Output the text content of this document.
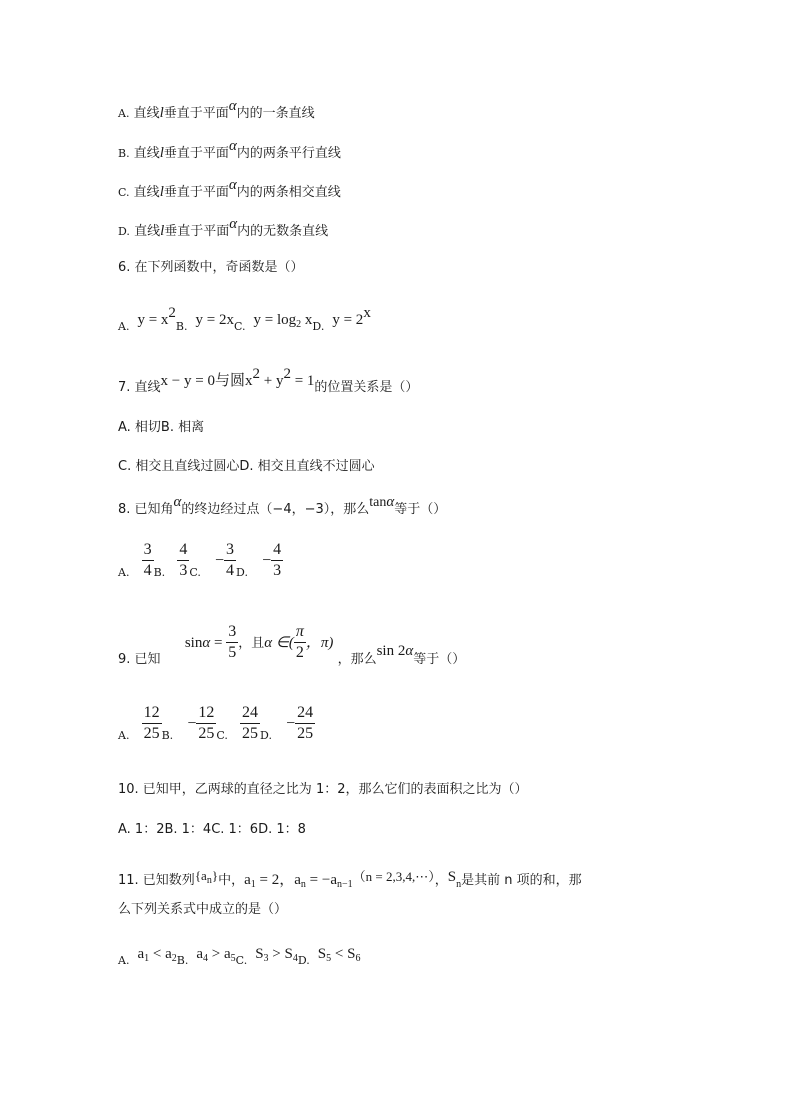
A. 直线l垂直于平面$^\alpha$内的一条直线
B. 直线l垂直于平面$^\alpha$内的两条平行直线
C. 直线l垂直于平面$^\alpha$内的两条相交直线
D. 直线l垂直于平面$^\alpha$内的无数条直线
6. 在下列函数中，奇函数是（）
$_{A.}$ $y = x^2_{B.}$ $y = 2x_{C.}$ $y = \log_2 x_{D.}$ $y = 2^x$
7. 直线x − y = 0与圆$x^2 + y^2 = 1$的位置关系是（）
A. 相切B. 相离
C. 相交且直线过圆心D. 相交且直线不过圆心
8. 已知角$^\alpha$的终边经过点（−4，−3），那么$^{tan\alpha}$等于（）
$_{A.} \frac{3}{4} _{B.} \frac{4}{3} _{C.} - \frac{3}{4} _{D.} - \frac{4}{3}$
9. 已知  $\sin\alpha = \frac{3}{5}$ ，且α ∈( $\frac{\pi}{2}$ ，π) ，那么sin 2α等于（）
$_{A.} \frac{12}{25} _{B.} - \frac{12}{25} _{C.} \frac{24}{25} _{D.} - \frac{24}{25}$
10. 已知甲，乙两球的直径之比为 1：2，那么它们的表面积之比为（）
A. 1：2B. 1：4C. 1：6D. 1：8
11. 已知数列$\{a_n\}$中，$a_1 = 2$，$a_n = -a_{n-1}(n$ = 2,3,4,⋯），$S_n$是其前 n 项的和，那
么下列关系式中成立的是（）
$_{A.}$ $a_1 < a_{2B.}$ $a_4 > a_{5C.}$ $S_3 > S_{4D.}$ $S_5 < S_6$
